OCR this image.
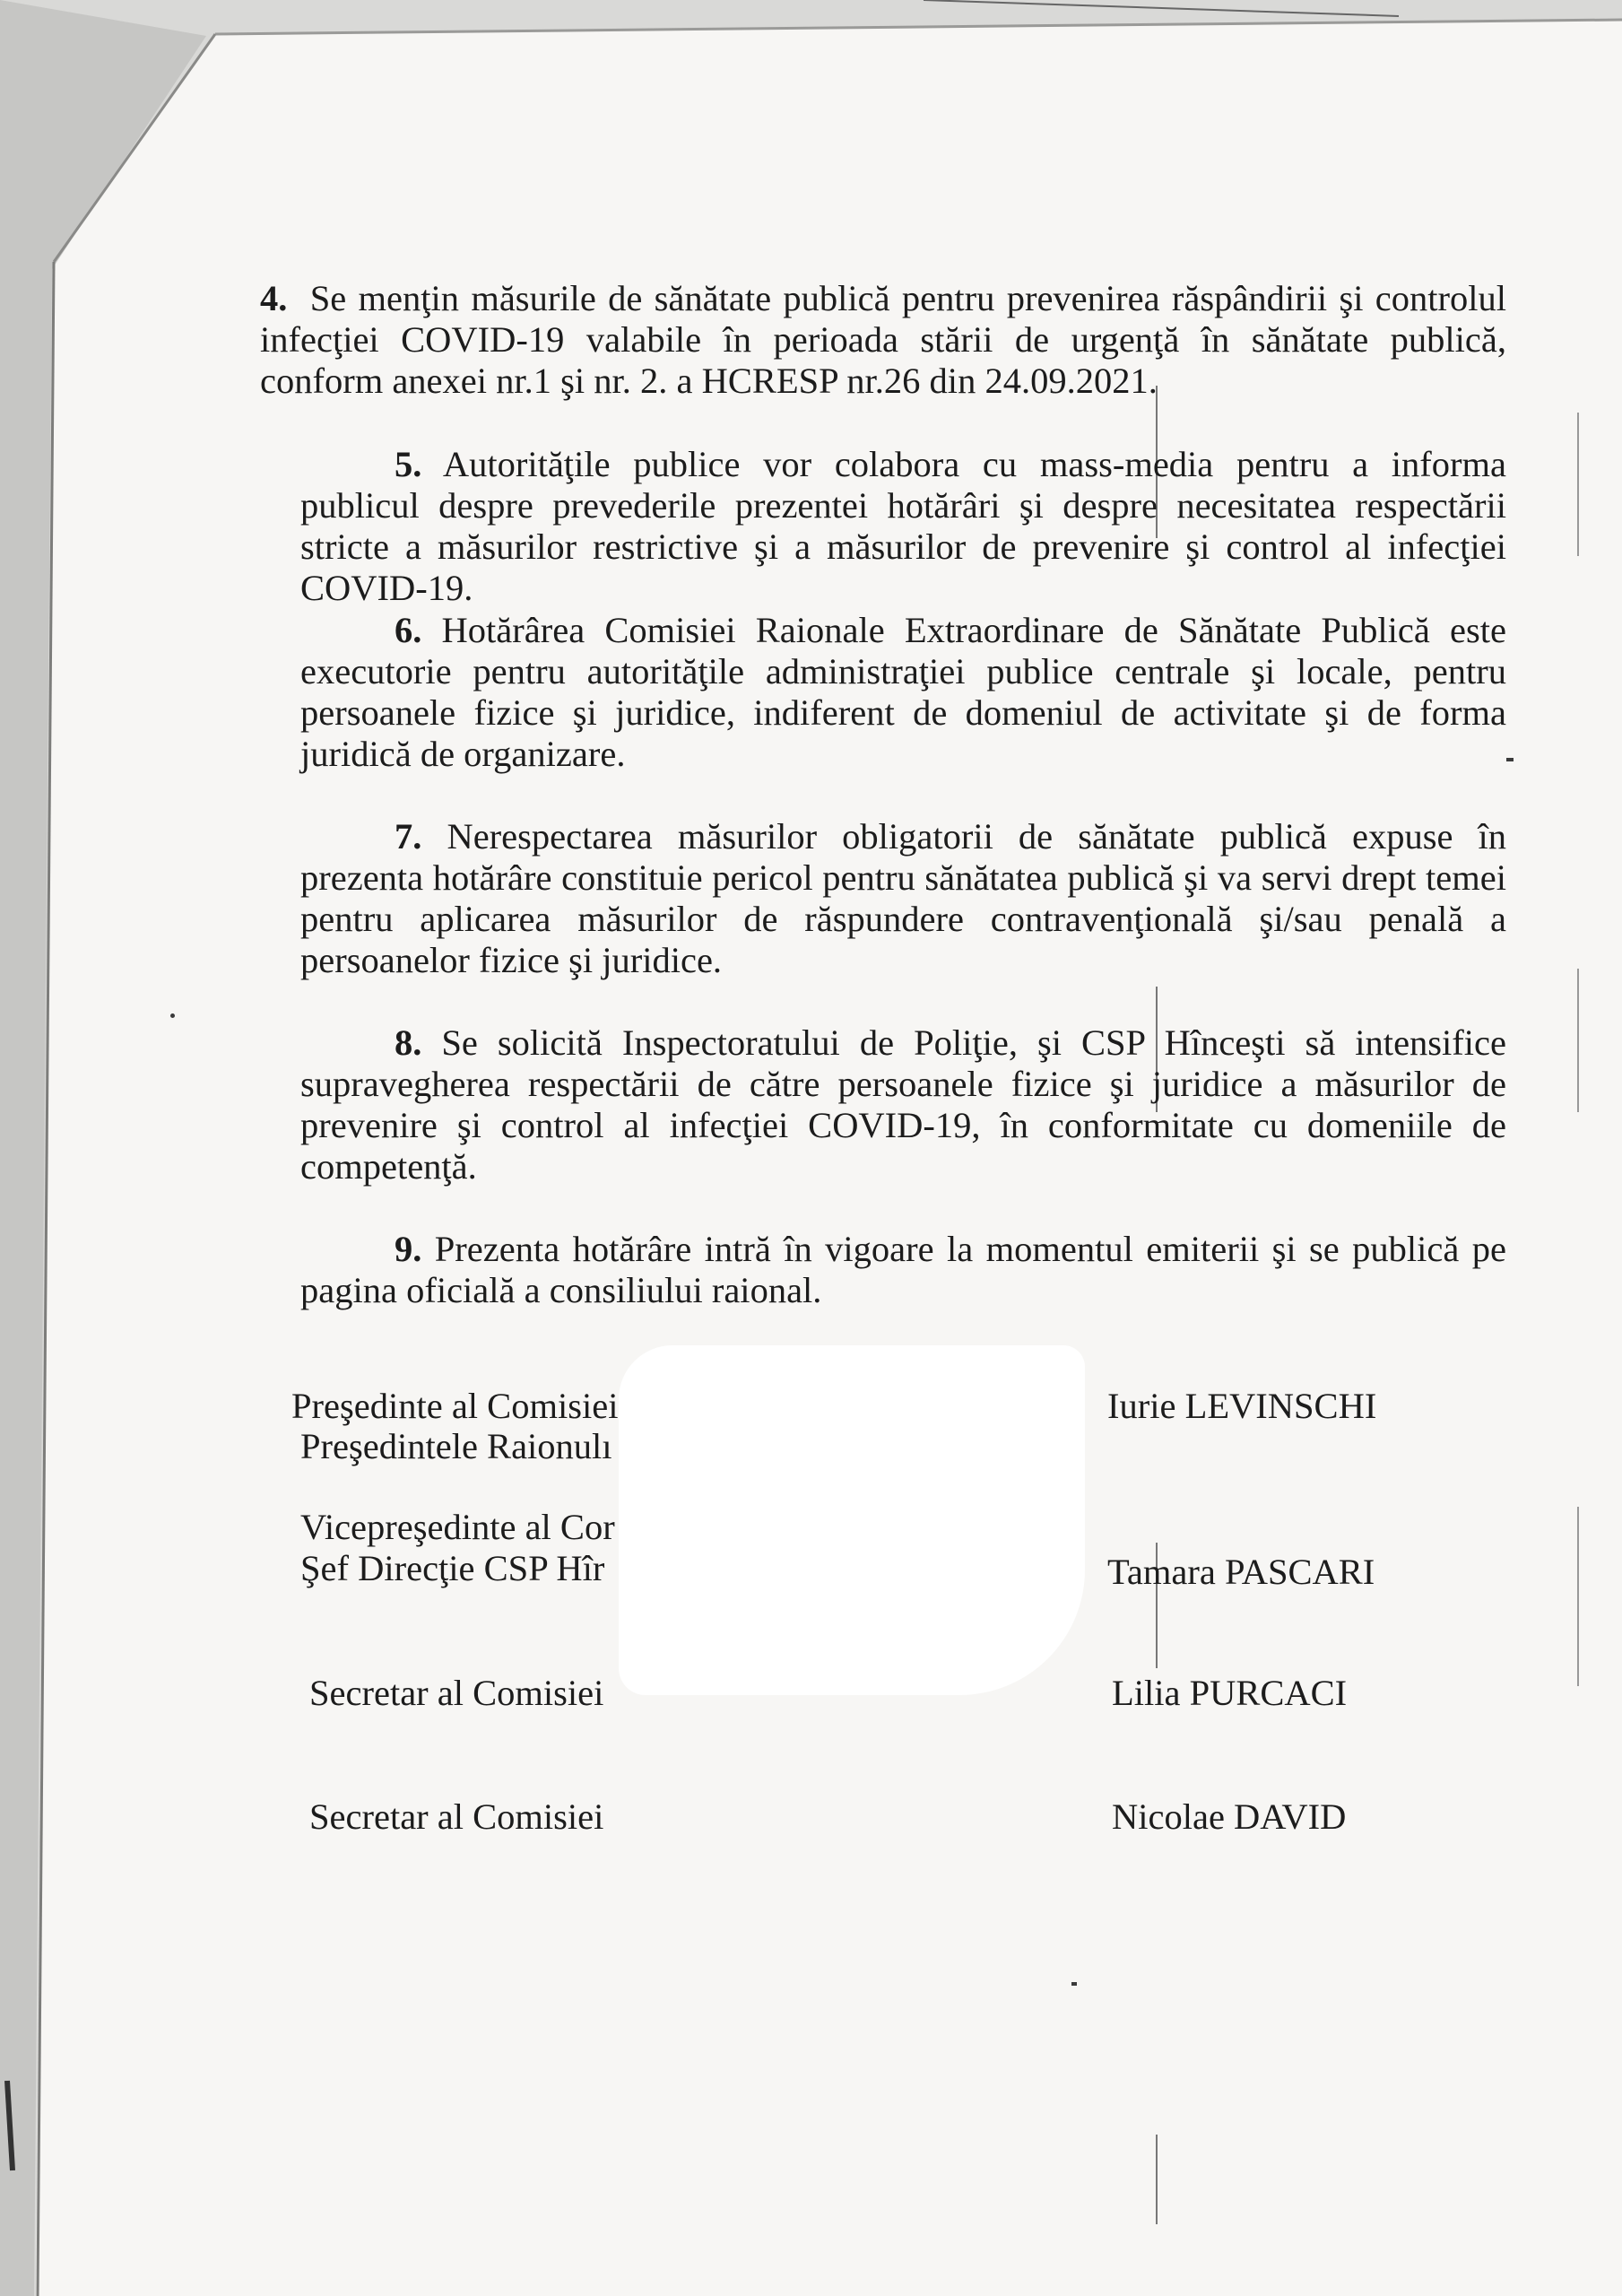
4. Se menţin măsurile de sănătate publică pentru prevenirea răspândirii şi controlul infecţiei COVID-19 valabile în perioada stării de urgenţă în sănătate publică, conform anexei nr.1 şi nr. 2. a HCRESP nr.26 din 24.09.2021.
5. Autorităţile publice vor colabora cu mass-media pentru a informa publicul despre prevederile prezentei hotărâri şi despre necesitatea respectării stricte a măsurilor restrictive şi a măsurilor de prevenire şi control al infecţiei COVID-19.
6. Hotărârea Comisiei Raionale Extraordinare de Sănătate Publică este executorie pentru autorităţile administraţiei publice centrale şi locale, pentru persoanele fizice şi juridice, indiferent de domeniul de activitate şi de forma juridică de organizare.
7. Nerespectarea măsurilor obligatorii de sănătate publică expuse în prezenta hotărâre constituie pericol pentru sănătatea publică şi va servi drept temei pentru aplicarea măsurilor de răspundere contravenţională şi/sau penală a persoanelor fizice şi juridice.
8. Se solicită Inspectoratului de Poliţie, şi CSP Hînceşti să intensifice supravegherea respectării de către persoanele fizice şi juridice a măsurilor de prevenire şi control al infecţiei COVID-19, în conformitate cu domeniile de competenţă.
9. Prezenta hotărâre intră în vigoare la momentul emiterii şi se publică pe pagina oficială a consiliului raional.
Preşedinte al Comisiei
Preşedintele Raionulı
Iurie LEVINSCHI
Vicepreşedinte al Cor
Şef Direcţie CSP Hîr	Tamara PASCARI
Secretar al Comisiei	Lilia PURCACI
Secretar al Comisiei	Nicolae DAVID
